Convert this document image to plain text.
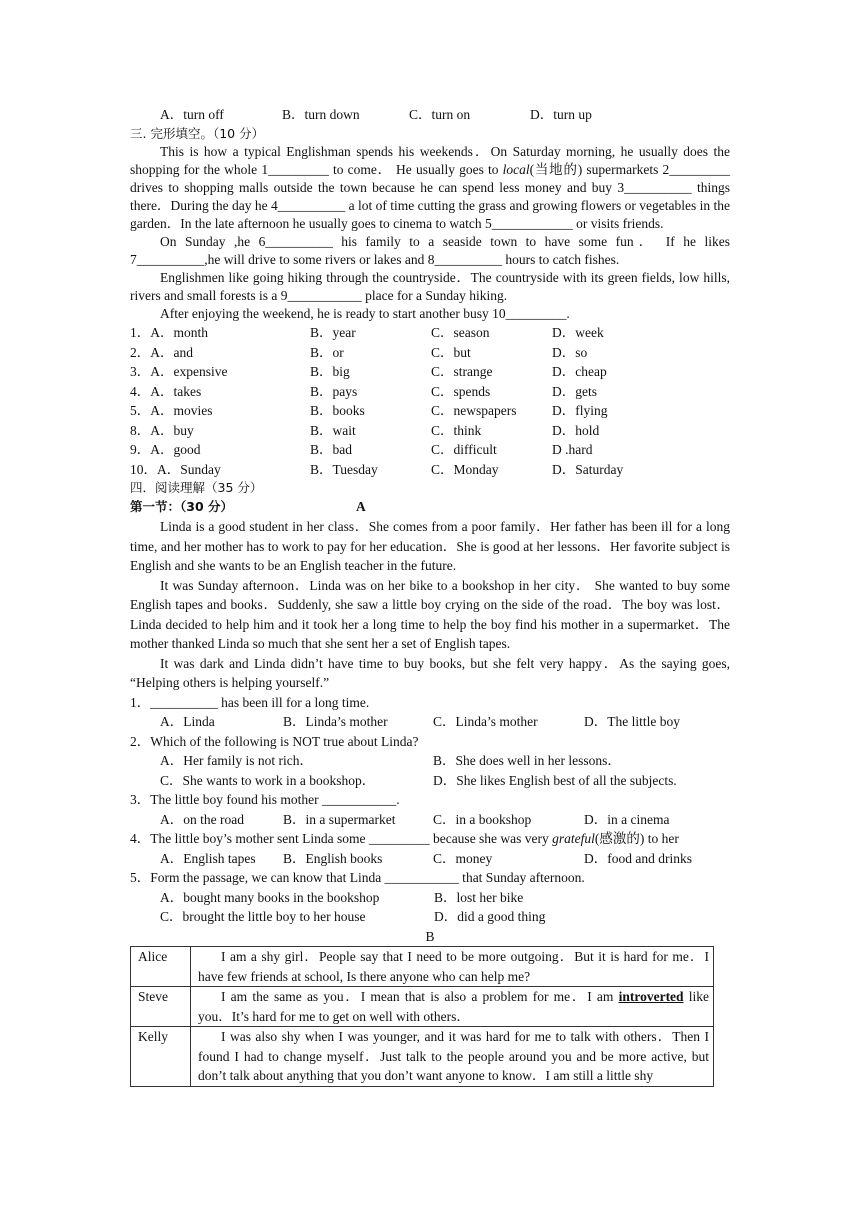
A．turn off	B．turn down	C．turn on	D．turn up

三. 完形填空。（10 分）

This is how a typical Englishman spends his weekends．On Saturday morning, he usually does the shopping for the whole 1_________ to come． He usually goes to local(当地的) supermarkets 2_________ drives to shopping malls outside the town because he can spend less money and buy 3__________ things there．During the day he 4__________ a lot of time cutting the grass and growing flowers or vegetables in the garden．In the late afternoon he usually goes to cinema to watch 5____________ or visits friends.

On Sunday ,he 6__________ his family to a seaside town to have some fun． If he likes 7__________,he will drive to some rivers or lakes and 8__________ hours to catch fishes.

Englishmen like going hiking through the countryside．The countryside with its green fields, low hills, rivers and small forests is a 9___________ place for a Sunday hiking.

After enjoying the weekend, he is ready to start another busy 10_________.

1．A．month	B．year	C．season	D．week
2．A．and	B．or	C．but	D．so
3．A．expensive	B．big	C．strange	D．cheap
4．A．takes	B．pays	C．spends	D．gets
5．A．movies	B．books	C．newspapers	D．flying
8．A．buy	B．wait	C．think	D．hold
9．A．good	B．bad	C．difficult	D .hard
10．A．Sunday	B．Tuesday	C．Monday	D．Saturday

四．阅读理解（35 分）

第一节：（30 分）	A

Linda is a good student in her class．She comes from a poor family．Her father has been ill for a long time, and her mother has to work to pay for her education．She is good at her lessons．Her favorite subject is English and she wants to be an English teacher in the future.

It was Sunday afternoon．Linda was on her bike to a bookshop in her city． She wanted to buy some English tapes and books．Suddenly, she saw a little boy crying on the side of the road．The boy was lost．Linda decided to help him and it took her a long time to help the boy find his mother in a supermarket．The mother thanked Linda so much that she sent her a set of English tapes.

It was dark and Linda didn’t have time to buy books, but she felt very happy．As the saying goes, “Helping others is helping yourself.”

1．__________ has been ill for a long time.
A．Linda	B．Linda’s mother	C．Linda’s mother	D．The little boy
2．Which of the following is NOT true about Linda?
A．Her family is not rich．	B．She does well in her lessons．
C．She wants to work in a bookshop．	D．She likes English best of all the subjects.
3．The little boy found his mother ___________.
A．on the road	B．in a supermarket	C．in a bookshop	D．in a cinema
4．The little boy’s mother sent Linda some _________ because she was very grateful(感激的) to her
A．English tapes	B．English books	C．money	D．food and drinks
5．Form the passage, we can know that Linda ___________ that Sunday afternoon.
A．bought many books in the bookshop	B．lost her bike
C．brought the little boy to her house	D．did a good thing
B
Alice	I am a shy girl．People say that I need to be more outgoing．But it is hard for me．I have few friends at school, Is there anyone who can help me?
Steve	I am the same as you．I mean that is also a problem for me．I am introverted like you．It’s hard for me to get on well with others．
Kelly	I was also shy when I was younger, and it was hard for me to talk with others．Then I found I had to change myself．Just talk to the people around you and be more active, but don’t talk about anything that you don’t want anyone to know．I am still a little shy
